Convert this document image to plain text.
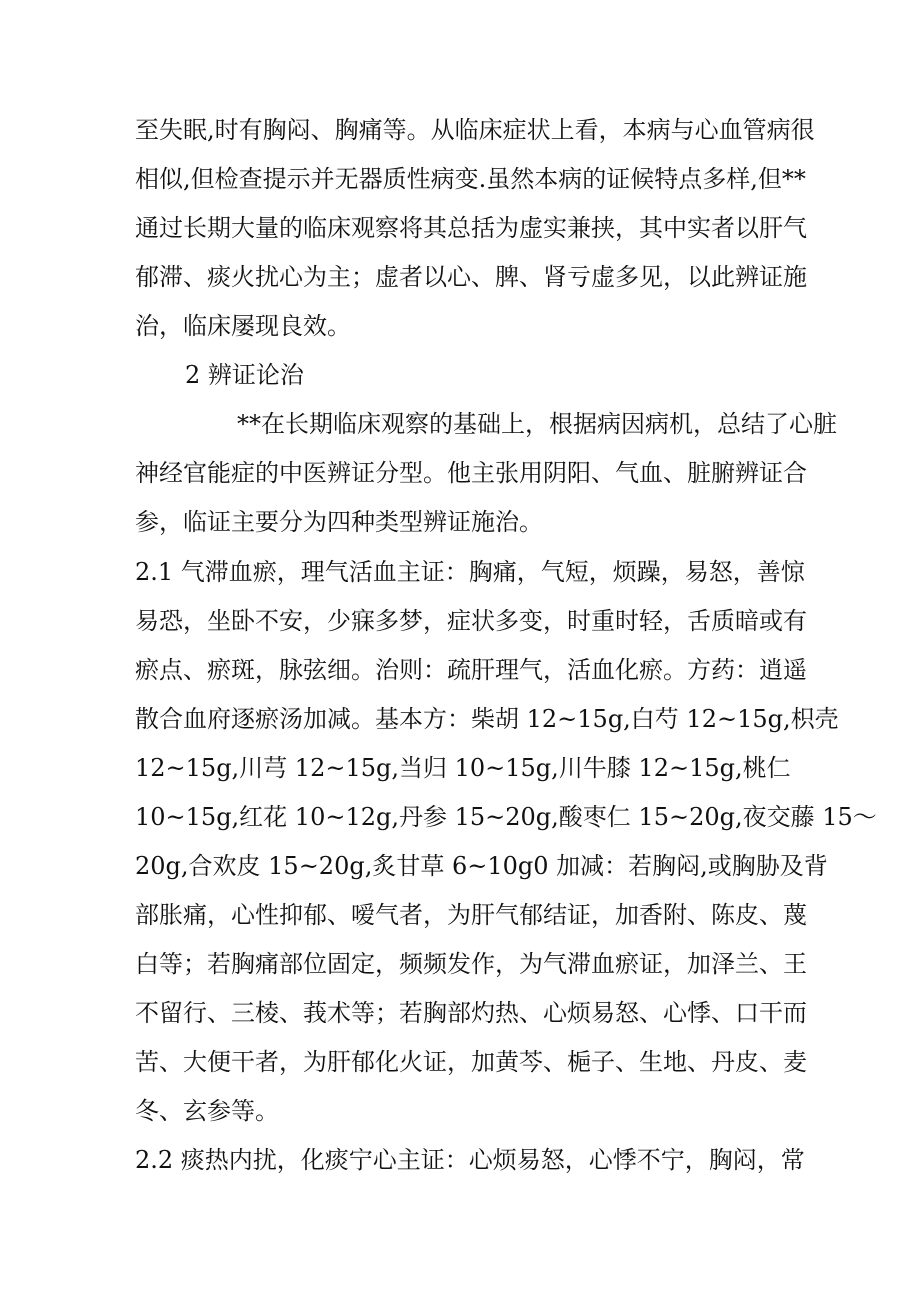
至失眠,时有胸闷、胸痛等。从临床症状上看，本病与心血管病很
相似,但检查提示并无器质性病变.虽然本病的证候特点多样,但**
通过长期大量的临床观察将其总括为虚实兼挟，其中实者以肝气
郁滞、痰火扰心为主；虚者以心、脾、肾亏虚多见，以此辨证施
治，临床屡现良效。
2 辨证论治
**在长期临床观察的基础上，根据病因病机，总结了心脏
神经官能症的中医辨证分型。他主张用阴阳、气血、脏腑辨证合
参，临证主要分为四种类型辨证施治。
2.1 气滞血瘀，理气活血主证：胸痛，气短，烦躁，易怒，善惊
易恐，坐卧不安，少寐多梦，症状多变，时重时轻，舌质暗或有
瘀点、瘀斑，脉弦细。治则：疏肝理气，活血化瘀。方药：逍遥
散合血府逐瘀汤加减。基本方：柴胡 12~15g,白芍 12~15g,枳壳
12~15g,川芎 12~15g,当归 10~15g,川牛膝 12~15g,桃仁
10~15g,红花 10~12g,丹参 15~20g,酸枣仁 15~20g,夜交藤 15～
20g,合欢皮 15~20g,炙甘草 6~10g0 加减：若胸闷,或胸胁及背
部胀痛，心性抑郁、嗳气者，为肝气郁结证，加香附、陈皮、蔑
白等；若胸痛部位固定，频频发作，为气滞血瘀证，加泽兰、王
不留行、三棱、莪术等；若胸部灼热、心烦易怒、心悸、口干而
苦、大便干者，为肝郁化火证，加黄芩、梔子、生地、丹皮、麦
冬、玄参等。
2.2 痰热内扰，化痰宁心主证：心烦易怒，心悸不宁，胸闷，常
